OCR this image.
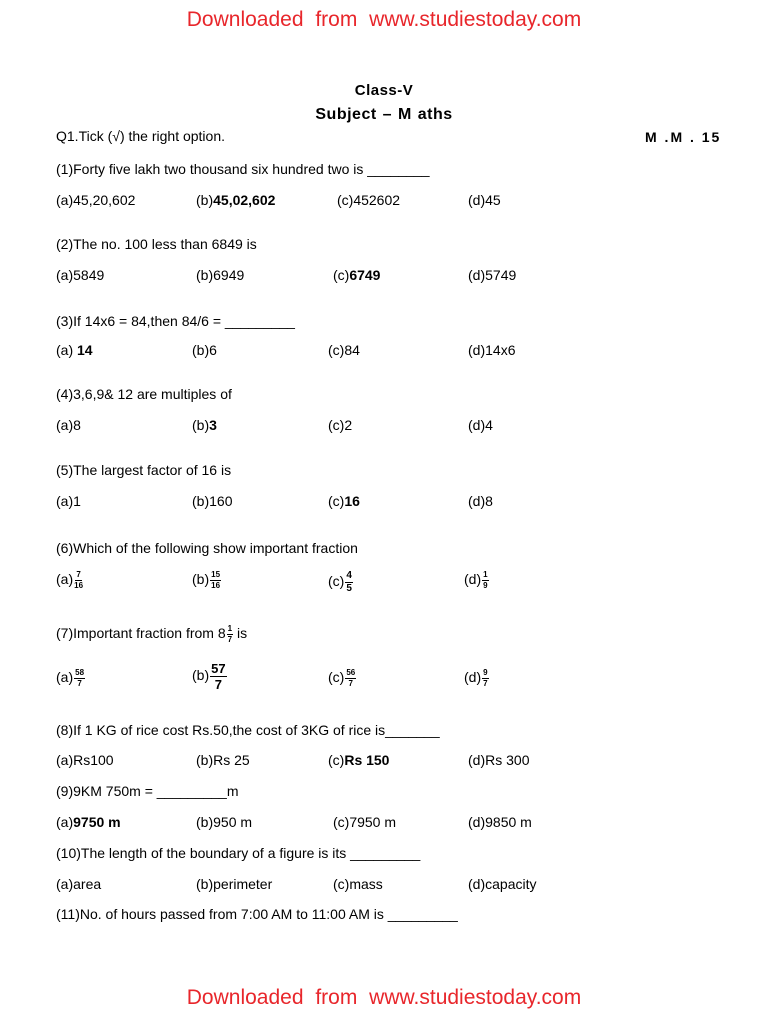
Downloaded from www.studiestoday.com
Class-V
Subject – M aths
Q1.Tick (√) the right option.	M .M . 15
(1)Forty five lakh two thousand six hundred two is ________
(a)45,20,602	(b)45,02,602	(c)452602	(d)45
(2)The no. 100 less than 6849 is
(a)5849	(b)6949	(c)6749	(d)5749
(3)If 14x6 = 84,then 84/6 = _________
(a) 14	(b)6	(c)84	(d)14x6
(4)3,6,9& 12 are multiples of
(a)8	(b)3	(c)2	(d)4
(5)The largest factor of 16 is
(a)1	(b)160	(c)16	(d)8
(6)Which of the following show important fraction
$(a) \frac{7}{16}$	$(b) \frac{15}{16}$	$(c) \frac{4}{5}$	$(d) \frac{1}{9}$
(7)Important fraction from $8 \frac{1}{7}$ is
$(a) \frac{58}{7}$	$(b) \frac{57}{7}$	$(c) \frac{56}{7}$	$(d) \frac{9}{7}$
(8)If 1 KG of rice cost Rs.50,the cost of 3KG of rice is_______
(a)Rs100	(b)Rs 25	(c)Rs 150	(d)Rs 300
(9)9KM 750m = _________m
(a)9750 m	(b)950 m	(c)7950 m	(d)9850 m
(10)The length of the boundary of a figure is its _________
(a)area	(b)perimeter	(c)mass	(d)capacity
(11)No. of hours passed from 7:00 AM to 11:00 AM is _________
Downloaded from www.studiestoday.com
